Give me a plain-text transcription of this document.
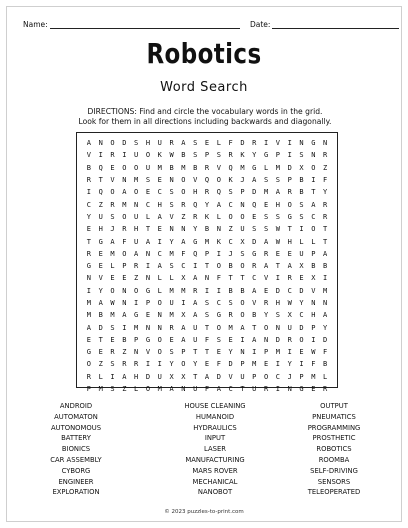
Name:	Date:
Robotics
Word Search
DIRECTIONS: Find and circle the vocabulary words in the grid.
Look for them in all directions including backwards and diagonally.
A	N	O	D	S	H	U	R	A	S	E	L	F	D	R	I	V	I	N	G	N
V	I	R	I	U	O	K	W	B	S	P	S	R	K	Y	G	P	I	S	N	R
B	Q	E	O	O	U	M	B	M	B	R	V	Q	M	G	L	M	D	X	O	Z
R	T	V	N	M	S	E	N	O	V	Q	O	K	J	A	S	S	P	B	I	F
I	Q	O	A	O	E	C	S	O	H	R	Q	S	P	D	M	A	R	B	T	Y
C	Z	R	M	N	C	H	S	R	Q	Y	A	C	N	Q	E	H	O	S	A	R
Y	U	S	O	U	L	A	V	Z	R	K	L	O	O	E	S	S	G	S	C	R
E	H	J	R	H	T	E	N	N	Y	B	N	Z	U	S	S	W	T	I	O	T
T	G	A	F	U	A	I	Y	A	G	M	K	C	X	D	A	W	H	L	L	T
R	E	M	O	A	N	C	M	F	Q	P	I	J	S	G	R	E	E	U	P	A
G	E	L	P	R	I	A	S	C	I	T	O	B	O	R	A	T	A	X	B	B
N	V	E	E	Z	N	L	L	X	A	N	F	T	T	C	V	I	R	E	X	I
I	Y	O	N	O	G	L	M	M	R	I	I	B	B	A	E	D	C	D	V	M
M	A	W	N	I	P	O	U	I	A	S	C	S	O	V	R	H	W	Y	N	N
M	B	M	A	G	E	N	M	X	A	S	G	R	O	B	Y	S	X	C	H	A
A	D	S	I	M	N	N	R	A	U	T	O	M	A	T	O	N	U	D	P	Y
E	T	E	B	P	G	O	E	A	U	F	S	E	I	A	N	D	R	O	I	D
G	E	R	Z	N	V	O	S	P	T	T	E	Y	N	I	P	M	I	E	W	F
O	Z	S	R	R	I	I	Y	O	Y	E	F	D	P	M	E	I	Y	I	F	B
R	L	I	A	H	D	U	X	X	T	A	D	V	U	P	O	C	J	P	M	L
P	M	S	Z	L	O	M	A	N	U	F	A	C	T	U	R	I	N	G	E	R
ANDROID
AUTOMATON
AUTONOMOUS
BATTERY
BIONICS
CAR ASSEMBLY
CYBORG
ENGINEER
EXPLORATION
HOUSE CLEANING
HUMANOID
HYDRAULICS
INPUT
LASER
MANUFACTURING
MARS ROVER
MECHANICAL
NANOBOT
OUTPUT
PNEUMATICS
PROGRAMMING
PROSTHETIC
ROBOTICS
ROOMBA
SELF-DRIVING
SENSORS
TELEOPERATED
© 2023 puzzles-to-print.com
